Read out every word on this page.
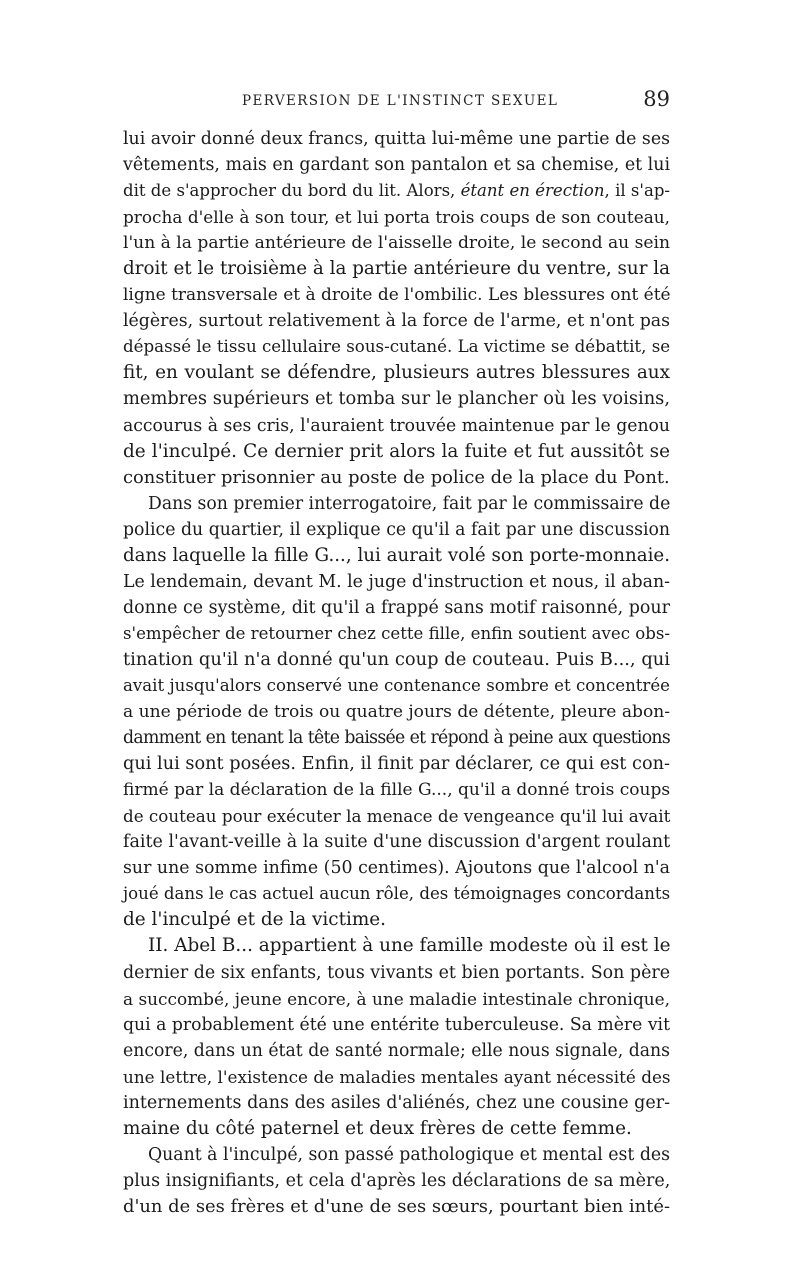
PERVERSION DE L'INSTINCT SEXUEL	89
lui avoir donné deux francs, quitta lui-même une partie de ses
vêtements, mais en gardant son pantalon et sa chemise, et lui
dit de s'approcher du bord du lit. Alors, étant en érection, il s'ap-
procha d'elle à son tour, et lui porta trois coups de son couteau,
l'un à la partie antérieure de l'aisselle droite, le second au sein
droit et le troisième à la partie antérieure du ventre, sur la
ligne transversale et à droite de l'ombilic. Les blessures ont été
légères, surtout relativement à la force de l'arme, et n'ont pas
dépassé le tissu cellulaire sous-cutané. La victime se débattit, se
fit, en voulant se défendre, plusieurs autres blessures aux
membres supérieurs et tomba sur le plancher où les voisins,
accourus à ses cris, l'auraient trouvée maintenue par le genou
de l'inculpé. Ce dernier prit alors la fuite et fut aussitôt se
constituer prisonnier au poste de police de la place du Pont.
Dans son premier interrogatoire, fait par le commissaire de
police du quartier, il explique ce qu'il a fait par une discussion
dans laquelle la fille G..., lui aurait volé son porte-monnaie.
Le lendemain, devant M. le juge d'instruction et nous, il aban-
donne ce système, dit qu'il a frappé sans motif raisonné, pour
s'empêcher de retourner chez cette fille, enfin soutient avec obs-
tination qu'il n'a donné qu'un coup de couteau. Puis B..., qui
avait jusqu'alors conservé une contenance sombre et concentrée
a une période de trois ou quatre jours de détente, pleure abon-
damment en tenant la tête baissée et répond à peine aux questions
qui lui sont posées. Enfin, il finit par déclarer, ce qui est con-
firmé par la déclaration de la fille G..., qu'il a donné trois coups
de couteau pour exécuter la menace de vengeance qu'il lui avait
faite l'avant-veille à la suite d'une discussion d'argent roulant
sur une somme infime (50 centimes). Ajoutons que l'alcool n'a
joué dans le cas actuel aucun rôle, des témoignages concordants
de l'inculpé et de la victime.
II. Abel B... appartient à une famille modeste où il est le
dernier de six enfants, tous vivants et bien portants. Son père
a succombé, jeune encore, à une maladie intestinale chronique,
qui a probablement été une entérite tuberculeuse. Sa mère vit
encore, dans un état de santé normale; elle nous signale, dans
une lettre, l'existence de maladies mentales ayant nécessité des
internements dans des asiles d'aliénés, chez une cousine ger-
maine du côté paternel et deux frères de cette femme.
Quant à l'inculpé, son passé pathologique et mental est des
plus insignifiants, et cela d'après les déclarations de sa mère,
d'un de ses frères et d'une de ses sœurs, pourtant bien inté-
